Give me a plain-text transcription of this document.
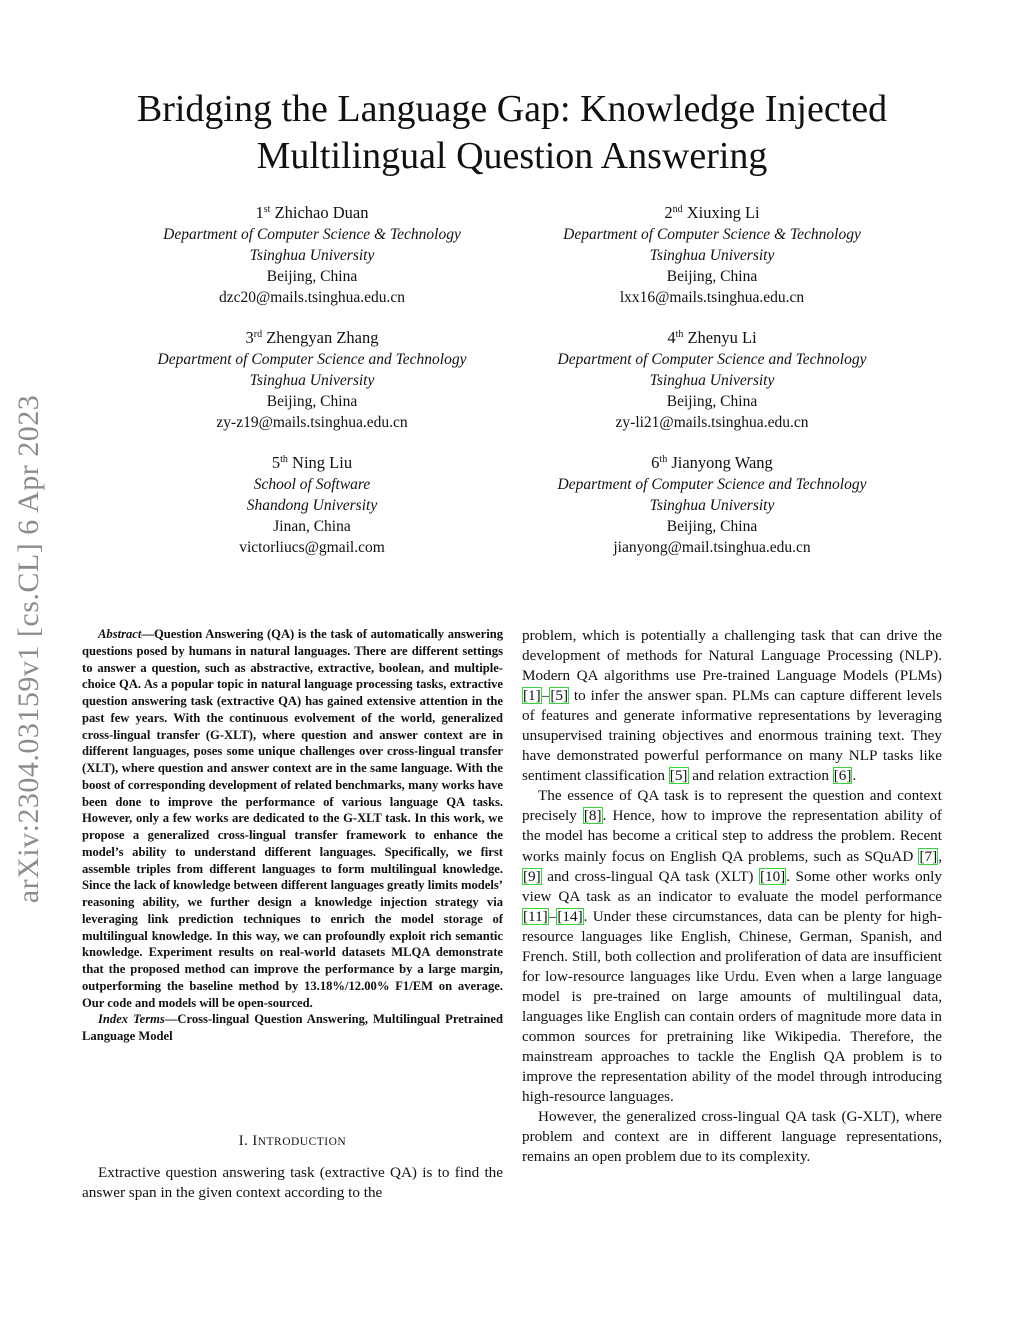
arXiv:2304.03159v1 [cs.CL] 6 Apr 2023
Bridging the Language Gap: Knowledge Injected
Multilingual Question Answering
1st Zhichao Duan
Department of Computer Science & Technology
Tsinghua University
Beijing, China
dzc20@mails.tsinghua.edu.cn
2nd Xiuxing Li
Department of Computer Science & Technology
Tsinghua University
Beijing, China
lxx16@mails.tsinghua.edu.cn
3rd Zhengyan Zhang
Department of Computer Science and Technology
Tsinghua University
Beijing, China
zy-z19@mails.tsinghua.edu.cn
4th Zhenyu Li
Department of Computer Science and Technology
Tsinghua University
Beijing, China
zy-li21@mails.tsinghua.edu.cn
5th Ning Liu
School of Software
Shandong University
Jinan, China
victorliucs@gmail.com
6th Jianyong Wang
Department of Computer Science and Technology
Tsinghua University
Beijing, China
jianyong@mail.tsinghua.edu.cn

Abstract—Question Answering (QA) is the task of automatically answering questions posed by humans in natural languages. There are different settings to answer a question, such as abstractive, extractive, boolean, and multiple-choice QA. As a popular topic in natural language processing tasks, extractive question answering task (extractive QA) has gained extensive attention in the past few years. With the continuous evolvement of the world, generalized cross-lingual transfer (G-XLT), where question and answer context are in different languages, poses some unique challenges over cross-lingual transfer (XLT), where question and answer context are in the same language. With the boost of corresponding development of related benchmarks, many works have been done to improve the performance of various language QA tasks. However, only a few works are dedicated to the G-XLT task. In this work, we propose a generalized cross-lingual transfer framework to enhance the model’s ability to understand different languages. Specifically, we first assemble triples from different languages to form multilingual knowledge. Since the lack of knowledge between different languages greatly limits models’ reasoning ability, we further design a knowledge injection strategy via leveraging link prediction techniques to enrich the model storage of multilingual knowledge. In this way, we can profoundly exploit rich semantic knowledge. Experiment results on real-world datasets MLQA demonstrate that the proposed method can improve the performance by a large margin, outperforming the baseline method by 13.18%/12.00% F1/EM on average. Our code and models will be open-sourced.

Index Terms—Cross-lingual Question Answering, Multilingual Pretrained Language Model

I. INTRODUCTION

Extractive question answering task (extractive QA) is to find the answer span in the given context according to the

problem, which is potentially a challenging task that can drive the development of methods for Natural Language Processing (NLP). Modern QA algorithms use Pre-trained Language Models (PLMs) [1]–[5] to infer the answer span. PLMs can capture different levels of features and generate informative representations by leveraging unsupervised training objectives and enormous training text. They have demonstrated powerful performance on many NLP tasks like sentiment classification [5] and relation extraction [6].

The essence of QA task is to represent the question and context precisely [8]. Hence, how to improve the representation ability of the model has become a critical step to address the problem. Recent works mainly focus on English QA problems, such as SQuAD [7], [9] and cross-lingual QA task (XLT) [10]. Some other works only view QA task as an indicator to evaluate the model performance [11]–[14]. Under these circumstances, data can be plenty for high-resource languages like English, Chinese, German, Spanish, and French. Still, both collection and proliferation of data are insufficient for low-resource languages like Urdu. Even when a large language model is pre-trained on large amounts of multilingual data, languages like English can contain orders of magnitude more data in common sources for pretraining like Wikipedia. Therefore, the mainstream approaches to tackle the English QA problem is to improve the representation ability of the model through introducing high-resource languages.

However, the generalized cross-lingual QA task (G-XLT), where problem and context are in different language representations, remains an open problem due to its complexity.
